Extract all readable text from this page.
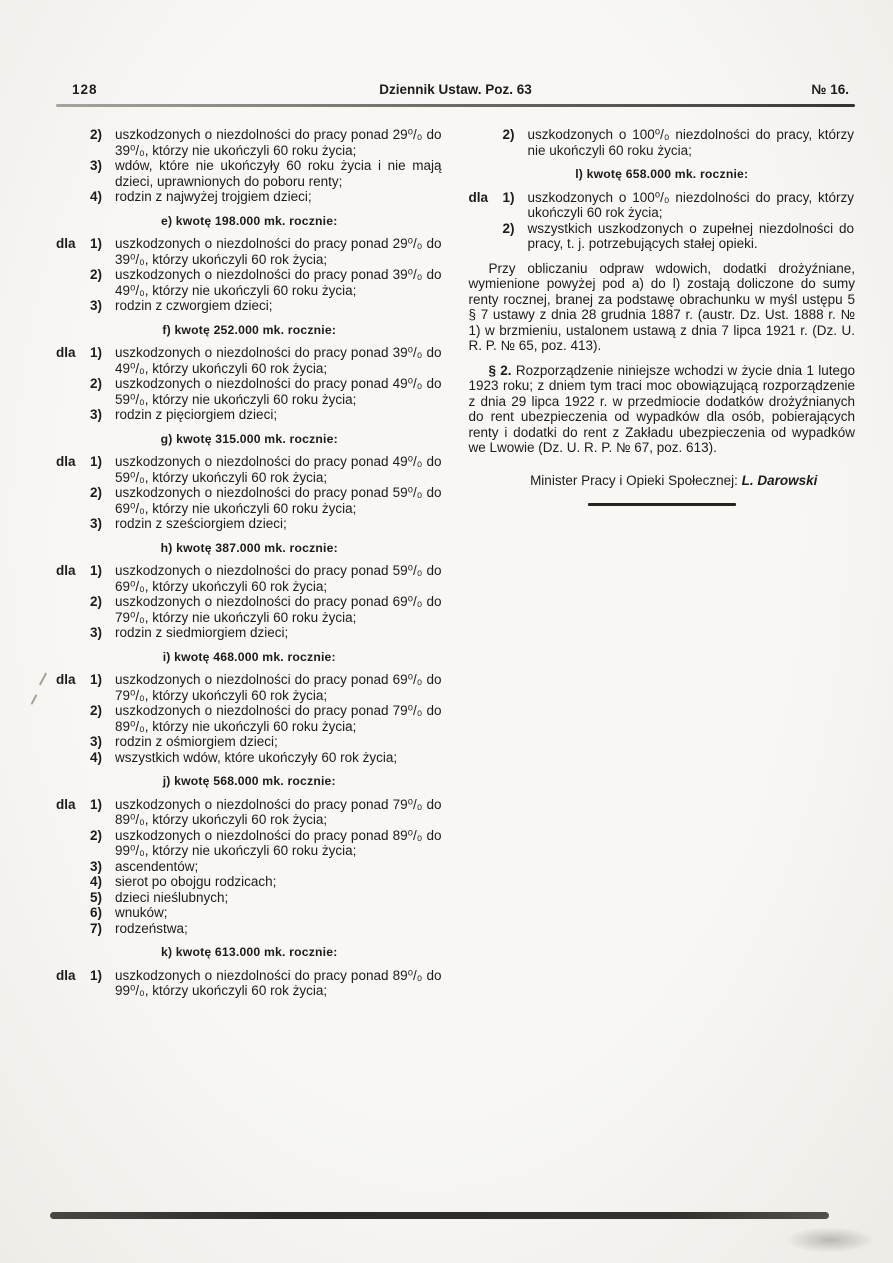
128	Dziennik Ustaw. Poz. 63	№ 16.
2) uszkodzonych o niezdolności do pracy ponad 29⁰/₀ do 39⁰/₀, którzy nie ukończyli 60 roku życia;
3) wdów, które nie ukończyły 60 roku życia i nie mają dzieci, uprawnionych do poboru renty;
4) rodzin z najwyżej trojgiem dzieci;
e) kwotę 198.000 mk. rocznie:
dla	1) uszkodzonych o niezdolności do pracy ponad 29⁰/₀ do 39⁰/₀, którzy ukończyli 60 rok życia;
2) uszkodzonych o niezdolności do pracy ponad 39⁰/₀ do 49⁰/₀, którzy nie ukończyli 60 roku życia;
3) rodzin z czworgiem dzieci;
f) kwotę 252.000 mk. rocznie:
dla	1) uszkodzonych o niezdolności do pracy ponad 39⁰/₀ do 49⁰/₀, którzy ukończyli 60 rok życia;
2) uszkodzonych o niezdolności do pracy ponad 49⁰/₀ do 59⁰/₀, którzy nie ukończyli 60 roku życia;
3) rodzin z pięciorgiem dzieci;
g) kwotę 315.000 mk. rocznie:
dla	1) uszkodzonych o niezdolności do pracy ponad 49⁰/₀ do 59⁰/₀, którzy ukończyli 60 rok życia;
2) uszkodzonych o niezdolności do pracy ponad 59⁰/₀ do 69⁰/₀, którzy nie ukończyli 60 roku życia;
3) rodzin z sześciorgiem dzieci;
h) kwotę 387.000 mk. rocznie:
dla	1) uszkodzonych o niezdolności do pracy ponad 59⁰/₀ do 69⁰/₀, którzy ukończyli 60 rok życia;
2) uszkodzonych o niezdolności do pracy ponad 69⁰/₀ do 79⁰/₀, którzy nie ukończyli 60 roku życia;
3) rodzin z siedmiorgiem dzieci;
i) kwotę 468.000 mk. rocznie:
dla	1) uszkodzonych o niezdolności do pracy ponad 69⁰/₀ do 79⁰/₀, którzy ukończyli 60 rok życia;
2) uszkodzonych o niezdolności do pracy ponad 79⁰/₀ do 89⁰/₀, którzy nie ukończyli 60 roku życia;
3) rodzin z ośmiorgiem dzieci;
4) wszystkich wdów, które ukończyły 60 rok życia;
j) kwotę 568.000 mk. rocznie:
dla	1) uszkodzonych o niezdolności do pracy ponad 79⁰/₀ do 89⁰/₀, którzy ukończyli 60 rok życia;
2) uszkodzonych o niezdolności do pracy ponad 89⁰/₀ do 99⁰/₀, którzy nie ukończyli 60 roku życia;
3) ascendentów;
4) sierot po obojgu rodzicach;
5) dzieci nieślubnych;
6) wnuków;
7) rodzeństwa;
k) kwotę 613.000 mk. rocznie:
dla	1) uszkodzonych o niezdolności do pracy ponad 89⁰/₀ do 99⁰/₀, którzy ukończyli 60 rok życia;
2) uszkodzonych o 100⁰/₀ niezdolności do pracy, którzy nie ukończyli 60 roku życia;
l) kwotę 658.000 mk. rocznie:
dla	1) uszkodzonych o 100⁰/₀ niezdolności do pracy, którzy ukończyli 60 rok życia;
2) wszystkich uszkodzonych o zupełnej niezdolności do pracy, t. j. potrzebujących stałej opieki.

Przy obliczaniu odpraw wdowich, dodatki drożyźniane, wymienione powyżej pod a) do l) zostają doliczone do sumy renty rocznej, branej za podstawę obrachunku w myśl ustępu 5 § 7 ustawy z dnia 28 grudnia 1887 r. (austr. Dz. Ust. 1888 r. № 1) w brzmieniu, ustalonem ustawą z dnia 7 lipca 1921 r. (Dz. U. R. P. № 65, poz. 413).

§ 2. Rozporządzenie niniejsze wchodzi w życie dnia 1 lutego 1923 roku; z dniem tym traci moc obowiązującą rozporządzenie z dnia 29 lipca 1922 r. w przedmiocie dodatków drożyźnianych do rent ubezpieczenia od wypadków dla osób, pobierających renty i dodatki do rent z Zakładu ubezpieczenia od wypadków we Lwowie (Dz. U. R. P. № 67, poz. 613).

Minister Pracy i Opieki Społecznej: L. Darowski
